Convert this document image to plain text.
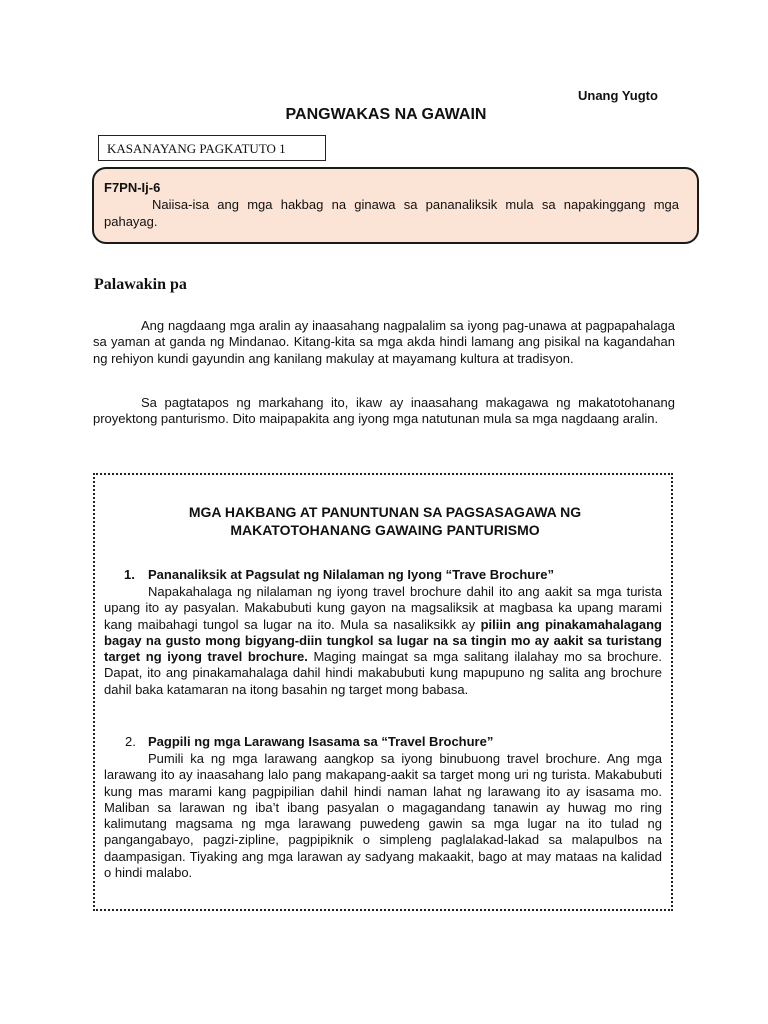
Unang Yugto
PANGWAKAS NA GAWAIN
KASANAYANG PAGKATUTO 1
F7PN-Ij-6
Naiisa-isa ang mga hakbag na ginawa sa pananaliksik mula sa napakinggang mga pahayag.
Palawakin pa
Ang nagdaang mga aralin ay inaasahang nagpalalim sa iyong pag-unawa at pagpapahalaga sa yaman at ganda ng Mindanao. Kitang-kita sa mga akda hindi lamang ang pisikal na kagandahan ng rehiyon kundi gayundin ang kanilang makulay at mayamang kultura at tradisyon.
Sa pagtatapos ng markahang ito, ikaw ay inaasahang makagawa ng makatotohanang proyektong panturismo. Dito maipapakita ang iyong mga natutunan mula sa mga nagdaang aralin.
MGA HAKBANG AT PANUNTUNAN SA PAGSASAGAWA NG
MAKATOTOHANANG GAWAING PANTURISMO
1. Pananaliksik at Pagsulat ng Nilalaman ng Iyong “Trave Brochure”
Napakahalaga ng nilalaman ng iyong travel brochure dahil ito ang aakit sa mga turista upang ito ay pasyalan. Makabubuti kung gayon na magsaliksik at magbasa ka upang marami kang maibahagi tungol sa lugar na ito. Mula sa nasaliksikk ay piliin ang pinakamahalagang bagay na gusto mong bigyang-diin tungkol sa lugar na sa tingin mo ay aakit sa turistang target ng iyong travel brochure. Maging maingat sa mga salitang ilalahay mo sa brochure. Dapat, ito ang pinakamahalaga dahil hindi makabubuti kung mapupuno ng salita ang brochure dahil baka katamaran na itong basahin ng target mong babasa.
2. Pagpili ng mga Larawang Isasama sa “Travel Brochure”
Pumili ka ng mga larawang aangkop sa iyong binubuong travel brochure. Ang mga larawang ito ay inaasahang lalo pang makapang-aakit sa target mong uri ng turista. Makabubuti kung mas marami kang pagpipilian dahil hindi naman lahat ng larawang ito ay isasama mo. Maliban sa larawan ng iba’t ibang pasyalan o magagandang tanawin ay huwag mo ring kalimutang magsama ng mga larawang puwedeng gawin sa mga lugar na ito tulad ng pangangabayo, pagzi-zipline, pagpipiknik o simpleng paglalakad-lakad sa malapulbos na daampasigan. Tiyaking ang mga larawan ay sadyang makaakit, bago at may mataas na kalidad o hindi malabo.
